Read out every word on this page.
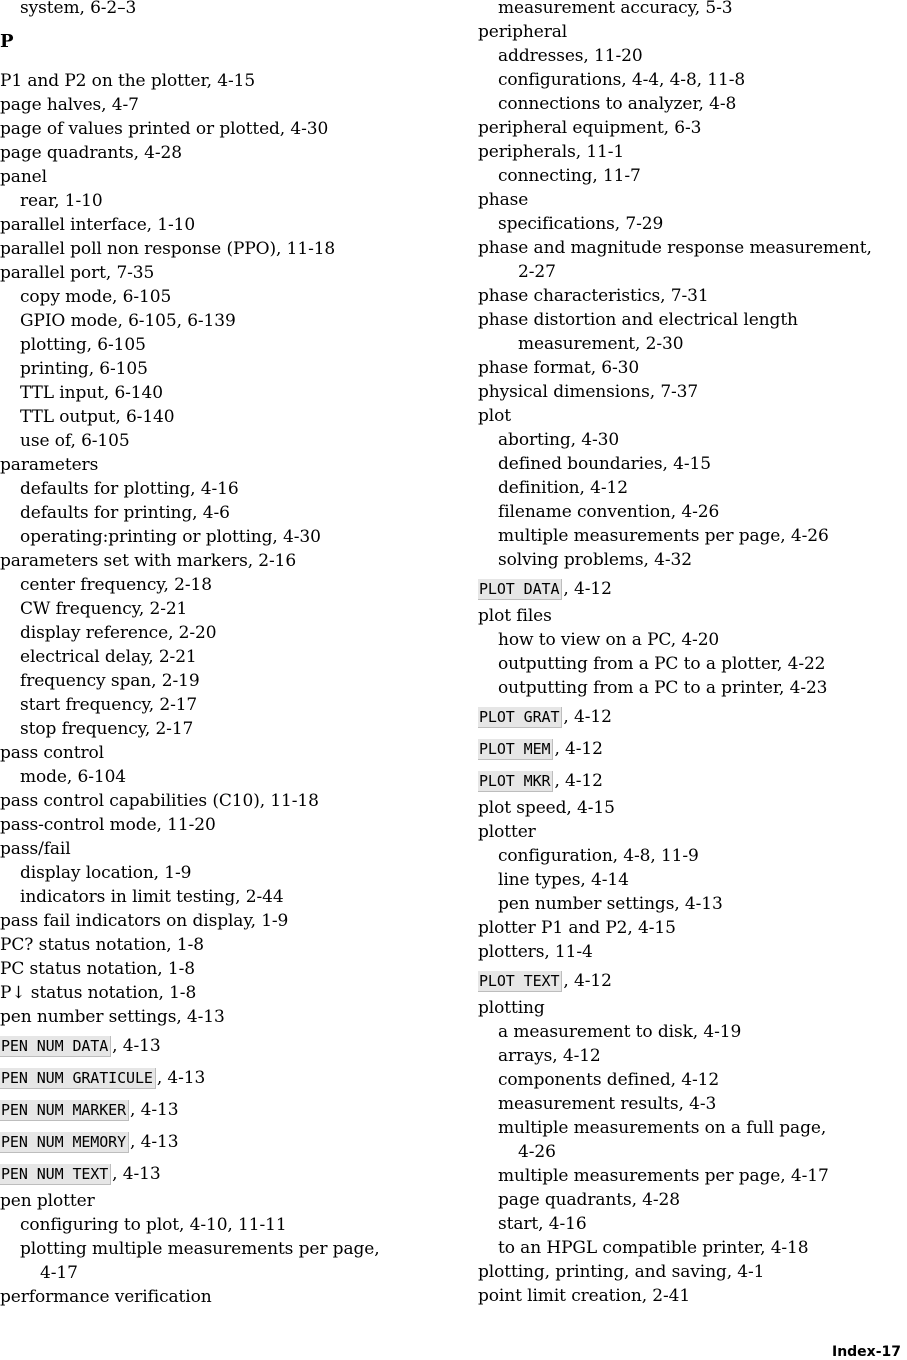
system, 6-2–3
P
P1 and P2 on the plotter, 4-15
page halves, 4-7
page of values printed or plotted, 4-30
page quadrants, 4-28
panel
rear, 1-10
parallel interface, 1-10
parallel poll non response (PPO), 11-18
parallel port, 7-35
copy mode, 6-105
GPIO mode, 6-105, 6-139
plotting, 6-105
printing, 6-105
TTL input, 6-140
TTL output, 6-140
use of, 6-105
parameters
defaults for plotting, 4-16
defaults for printing, 4-6
operating:printing or plotting, 4-30
parameters set with markers, 2-16
center frequency, 2-18
CW frequency, 2-21
display reference, 2-20
electrical delay, 2-21
frequency span, 2-19
start frequency, 2-17
stop frequency, 2-17
pass control
mode, 6-104
pass control capabilities (C10), 11-18
pass-control mode, 11-20
pass/fail
display location, 1-9
indicators in limit testing, 2-44
pass fail indicators on display, 1-9
PC? status notation, 1-8
PC status notation, 1-8
P↓ status notation, 1-8
pen number settings, 4-13
PEN NUM DATA , 4-13
PEN NUM GRATICULE , 4-13
PEN NUM MARKER , 4-13
PEN NUM MEMORY , 4-13
PEN NUM TEXT , 4-13
pen plotter
configuring to plot, 4-10, 11-11
plotting multiple measurements per page,
4-17
performance verification
measurement accuracy, 5-3
peripheral
addresses, 11-20
configurations, 4-4, 4-8, 11-8
connections to analyzer, 4-8
peripheral equipment, 6-3
peripherals, 11-1
connecting, 11-7
phase
specifications, 7-29
phase and magnitude response measurement,
2-27
phase characteristics, 7-31
phase distortion and electrical length
measurement, 2-30
phase format, 6-30
physical dimensions, 7-37
plot
aborting, 4-30
defined boundaries, 4-15
definition, 4-12
filename convention, 4-26
multiple measurements per page, 4-26
solving problems, 4-32
PLOT DATA , 4-12
plot files
how to view on a PC, 4-20
outputting from a PC to a plotter, 4-22
outputting from a PC to a printer, 4-23
PLOT GRAT , 4-12
PLOT MEM , 4-12
PLOT MKR , 4-12
plot speed, 4-15
plotter
configuration, 4-8, 11-9
line types, 4-14
pen number settings, 4-13
plotter P1 and P2, 4-15
plotters, 11-4
PLOT TEXT , 4-12
plotting
a measurement to disk, 4-19
arrays, 4-12
components defined, 4-12
measurement results, 4-3
multiple measurements on a full page,
4-26
multiple measurements per page, 4-17
page quadrants, 4-28
start, 4-16
to an HPGL compatible printer, 4-18
plotting, printing, and saving, 4-1
point limit creation, 2-41
Index-17
